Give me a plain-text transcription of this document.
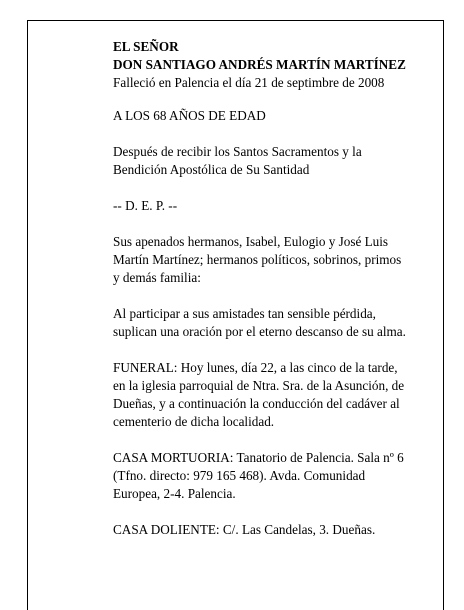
EL SEÑOR
DON SANTIAGO ANDRÉS MARTÍN MARTÍNEZ
Falleció en Palencia el día 21 de septimbre de 2008
A LOS 68 AÑOS DE EDAD
Después de recibir los Santos Sacramentos y la
Bendición Apostólica de Su Santidad
-- D. E. P. --
Sus apenados hermanos, Isabel, Eulogio y José Luis
Martín Martínez; hermanos políticos, sobrinos, primos
y demás familia:
Al participar a sus amistades tan sensible pérdida,
suplican una oración por el eterno descanso de su alma.
FUNERAL: Hoy lunes, día 22, a las cinco de la tarde,
en la iglesia parroquial de Ntra. Sra. de la Asunción, de
Dueñas, y a continuación la conducción del cadáver al
cementerio de dicha localidad.
CASA MORTUORIA: Tanatorio de Palencia. Sala nº 6
(Tfno. directo: 979 165 468). Avda. Comunidad
Europea, 2-4. Palencia.
CASA DOLIENTE: C/. Las Candelas, 3. Dueñas.
